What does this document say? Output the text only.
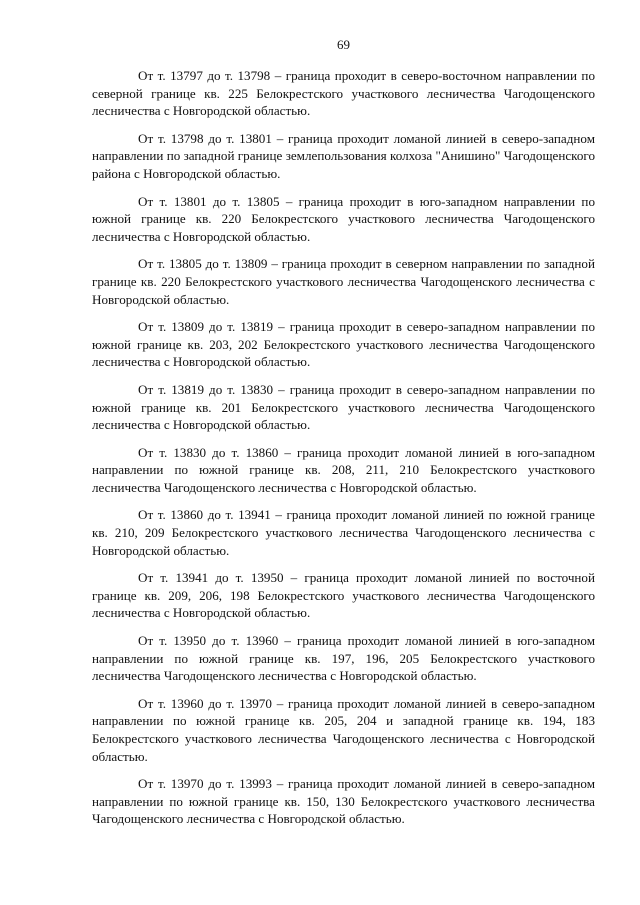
69

От т. 13797 до т. 13798 – граница проходит в северо-восточном направлении по северной границе кв. 225 Белокрестского участкового лесничества Чагодощенского лесничества с Новгородской областью.

От т. 13798 до т. 13801 – граница проходит ломаной линией в северо-западном направлении по западной границе землепользования колхоза "Анишино" Чагодощенского района с Новгородской областью.

От т. 13801 до т. 13805 – граница проходит в юго-западном направлении по южной границе кв. 220 Белокрестского участкового лесничества Чагодощенского лесничества с Новгородской областью.

От т. 13805 до т. 13809 – граница проходит в северном направлении по западной границе кв. 220 Белокрестского участкового лесничества Чагодощенского лесничества с Новгородской областью.

От т. 13809 до т. 13819 – граница проходит в северо-западном направлении по южной границе кв. 203, 202 Белокрестского участкового лесничества Чагодощенского лесничества с Новгородской областью.

От т. 13819 до т. 13830 – граница проходит в северо-западном направлении по южной границе кв. 201 Белокрестского участкового лесничества Чагодощенского лесничества с Новгородской областью.

От т. 13830 до т. 13860 – граница проходит ломаной линией в юго-западном направлении по южной границе кв. 208, 211, 210 Белокрестского участкового лесничества Чагодощенского лесничества с Новгородской областью.

От т. 13860 до т. 13941 – граница проходит ломаной линией по южной границе кв. 210, 209 Белокрестского участкового лесничества Чагодощенского лесничества с Новгородской областью.

От т. 13941 до т. 13950 – граница проходит ломаной линией по восточной границе кв. 209, 206, 198 Белокрестского участкового лесничества Чагодощенского лесничества с Новгородской областью.

От т. 13950 до т. 13960 – граница проходит ломаной линией в юго-западном направлении по южной границе кв. 197, 196, 205 Белокрестского участкового лесничества Чагодощенского лесничества с Новгородской областью.

От т. 13960 до т. 13970 – граница проходит ломаной линией в северо-западном направлении по южной границе кв. 205, 204 и западной границе кв. 194, 183 Белокрестского участкового лесничества Чагодощенского лесничества с Новгородской областью.

От т. 13970 до т. 13993 – граница проходит ломаной линией в северо-западном направлении по южной границе кв. 150, 130 Белокрестского участкового лесничества Чагодощенского лесничества с Новгородской областью.
